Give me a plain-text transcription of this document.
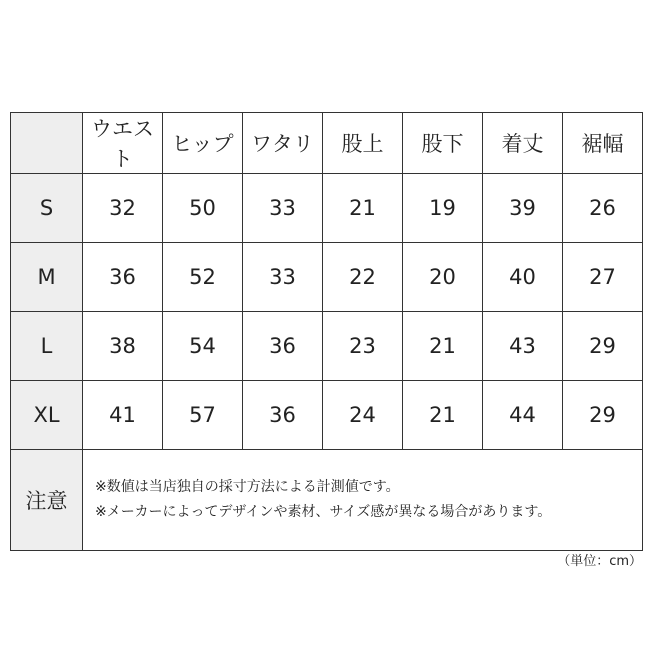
	ウエスト	ヒップ	ワタリ	股上	股下	着丈	裾幅
S	32	50	33	21	19	39	26
M	36	52	33	22	20	40	27
L	38	54	36	23	21	43	29
XL	41	57	36	24	21	44	29
注意	※数値は当店独自の採寸方法による計測値です。
※メーカーによってデザインや素材、サイズ感が異なる場合があります。						
（単位：cm）
